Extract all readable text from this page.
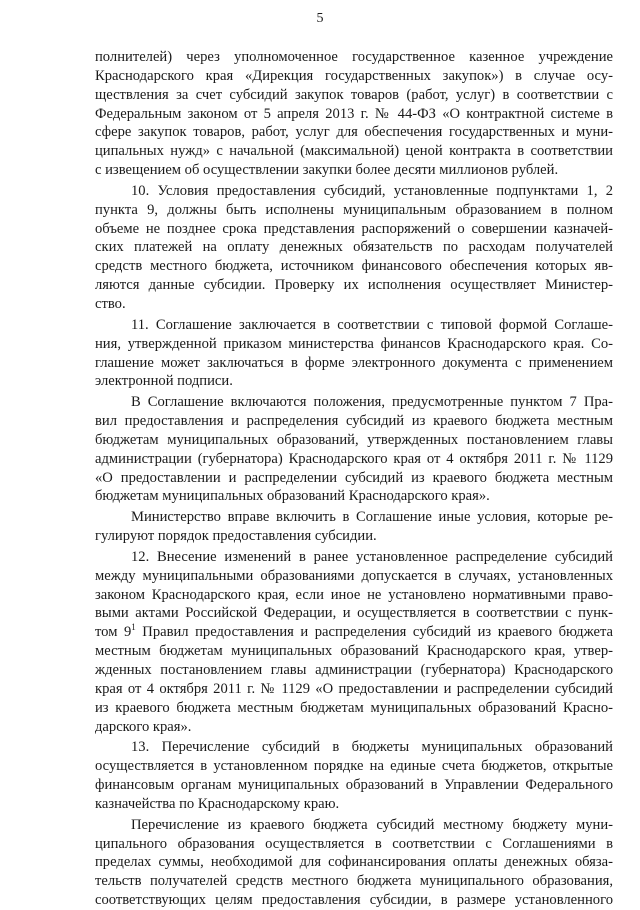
5
полнителей) через уполномоченное государственное казенное учреждение
Краснодарского края «Дирекция государственных закупок») в случае осу-
ществления за счет субсидий закупок товаров (работ, услуг) в соответствии с
Федеральным законом от 5 апреля 2013 г. № 44-ФЗ «О контрактной системе в
сфере закупок товаров, работ, услуг для обеспечения государственных и муни-
ципальных нужд» с начальной (максимальной) ценой контракта в соответствии
с извещением об осуществлении закупки более десяти миллионов рублей.
10. Условия предоставления субсидий, установленные подпунктами 1, 2
пункта 9, должны быть исполнены муниципальным образованием в полном
объеме не позднее срока представления распоряжений о совершении казначей-
ских платежей на оплату денежных обязательств по расходам получателей
средств местного бюджета, источником финансового обеспечения которых яв-
ляются данные субсидии. Проверку их исполнения осуществляет Министер-
ство.
11. Соглашение заключается в соответствии с типовой формой Соглаше-
ния, утвержденной приказом министерства финансов Краснодарского края. Со-
глашение может заключаться в форме электронного документа с применением
электронной подписи.
В Соглашение включаются положения, предусмотренные пунктом 7 Пра-
вил предоставления и распределения субсидий из краевого бюджета местным
бюджетам муниципальных образований, утвержденных постановлением главы
администрации (губернатора) Краснодарского края от 4 октября 2011 г. № 1129
«О предоставлении и распределении субсидий из краевого бюджета местным
бюджетам муниципальных образований Краснодарского края».
Министерство вправе включить в Соглашение иные условия, которые ре-
гулируют порядок предоставления субсидии.
12. Внесение изменений в ранее установленное распределение субсидий
между муниципальными образованиями допускается в случаях, установленных
законом Краснодарского края, если иное не установлено нормативными право-
выми актами Российской Федерации, и осуществляется в соответствии с пунк-
том $9^1$ Правил предоставления и распределения субсидий из краевого бюджета
местным бюджетам муниципальных образований Краснодарского края, утвер-
жденных постановлением главы администрации (губернатора) Краснодарского
края от 4 октября 2011 г. № 1129 «О предоставлении и распределении субсидий
из краевого бюджета местным бюджетам муниципальных образований Красно-
дарского края».
13. Перечисление субсидий в бюджеты муниципальных образований
осуществляется в установленном порядке на единые счета бюджетов, открытые
финансовым органам муниципальных образований в Управлении Федерального
казначейства по Краснодарскому краю.
Перечисление из краевого бюджета субсидий местному бюджету муни-
ципального образования осуществляется в соответствии с Соглашениями в
пределах суммы, необходимой для софинансирования оплаты денежных обяза-
тельств получателей средств местного бюджета муниципального образования,
соответствующих целям предоставления субсидии, в размере установленного
